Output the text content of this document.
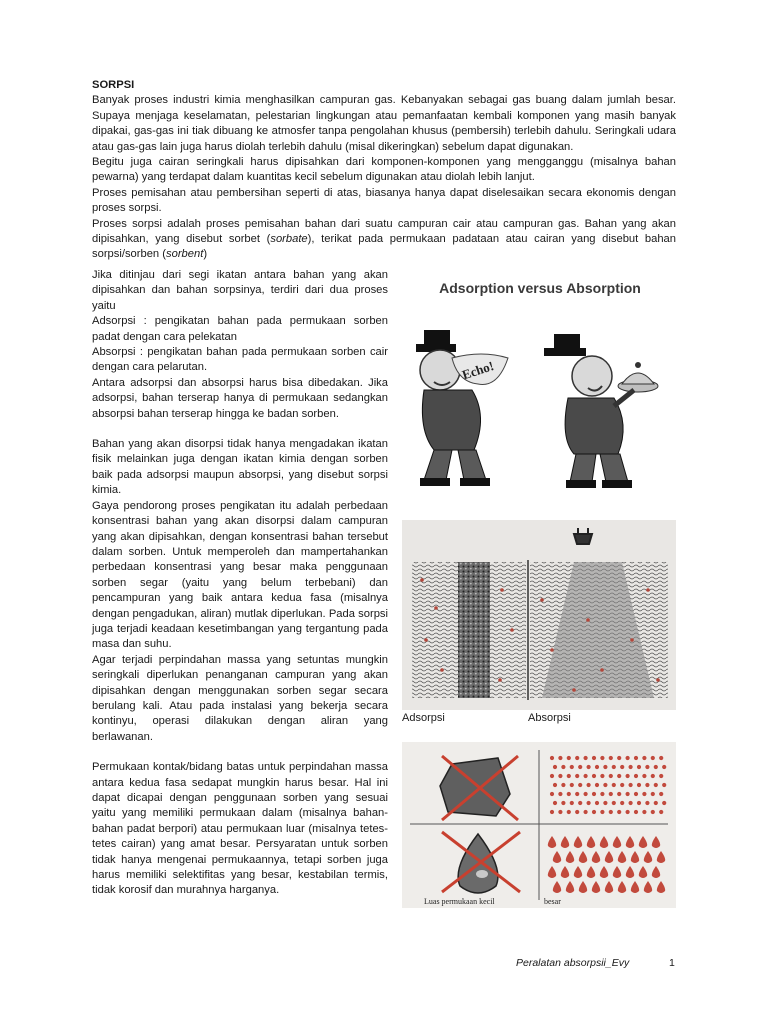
SORPSI

Banyak proses industri kimia menghasilkan campuran gas. Kebanyakan sebagai gas buang dalam jumlah besar. Supaya menjaga keselamatan, pelestarian lingkungan atau pemanfaatan kembali komponen yang masih banyak dipakai, gas-gas ini tiak dibuang ke atmosfer tanpa pengolahan khusus (pembersih) terlebih dahulu. Seringkali udara atau gas-gas lain juga harus diolah terlebih dahulu (misal dikeringkan) sebelum dapat digunakan.

Begitu juga cairan seringkali harus dipisahkan dari komponen-komponen yang mengganggu (misalnya bahan pewarna) yang terdapat dalam kuantitas kecil sebelum digunakan atau diolah lebih lanjut.

Proses pemisahan atau pembersihan seperti di atas, biasanya hanya dapat diselesaikan secara ekonomis dengan proses sorpsi.

Proses sorpsi adalah proses pemisahan bahan dari suatu campuran cair atau campuran gas. Bahan yang akan dipisahkan, yang disebut sorbet (sorbate), terikat pada permukaan padataan atau cairan yang disebut bahan sorpsi/sorben (sorbent)

Jika ditinjau dari segi ikatan antara bahan yang akan dipisahkan dan bahan sorpsinya, terdiri dari dua proses yaitu

Adsorpsi : pengikatan bahan pada permukaan sorben padat dengan cara pelekatan

Absorpsi : pengikatan bahan pada permukaan sorben cair dengan cara pelarutan.

Antara adsorpsi dan absorpsi harus bisa dibedakan. Jika adsorpsi, bahan terserap hanya di permukaan sedangkan absorpsi bahan terserap hingga ke badan sorben.

Bahan yang akan disorpsi tidak hanya mengadakan ikatan fisik melainkan juga dengan ikatan kimia dengan sorben baik pada adsorpsi maupun absorpsi, yang disebut sorpsi kimia.

Gaya pendorong proses pengikatan itu adalah perbedaan konsentrasi bahan yang akan disorpsi dalam campuran yang akan dipisahkan, dengan konsentrasi bahan tersebut dalam sorben. Untuk memperoleh dan mampertahankan perbedaan konsentrasi yang besar maka penggunaan sorben segar (yaitu yang belum terbebani) dan pencampuran yang baik antara kedua fasa (misalnya dengan pengadukan, aliran) mutlak diperlukan. Pada sorpsi juga terjadi keadaan kesetimbangan yang tergantung pada masa dan suhu.

Agar terjadi perpindahan massa yang setuntas mungkin seringkali diperlukan penanganan campuran yang akan dipisahkan dengan menggunakan sorben segar secara berulang kali. Atau pada instalasi yang bekerja secara kontinyu, operasi dilakukan dengan aliran yang berlawanan.

Permukaan kontak/bidang batas untuk perpindahan massa antara kedua fasa sedapat mungkin harus besar. Hal ini dapat dicapai dengan penggunaan sorben yang sesuai yaitu yang memiliki permukaan dalam (misalnya bahan-bahan padat berpori) atau permukaan luar (misalnya tetes-tetes cairan) yang amat besar. Persyaratan untuk sorben tidak hanya mengenai permukaannya, tetapi sorben juga harus memiliki selektifitas yang besar, kestabilan termis, tidak korosif dan murahnya harganya.

Adsorption versus Absorption
Echo!
Adsorpsi	Absorpsi
Luas permukaan kecil	besar
Peralatan absorpsii_Evy	1
